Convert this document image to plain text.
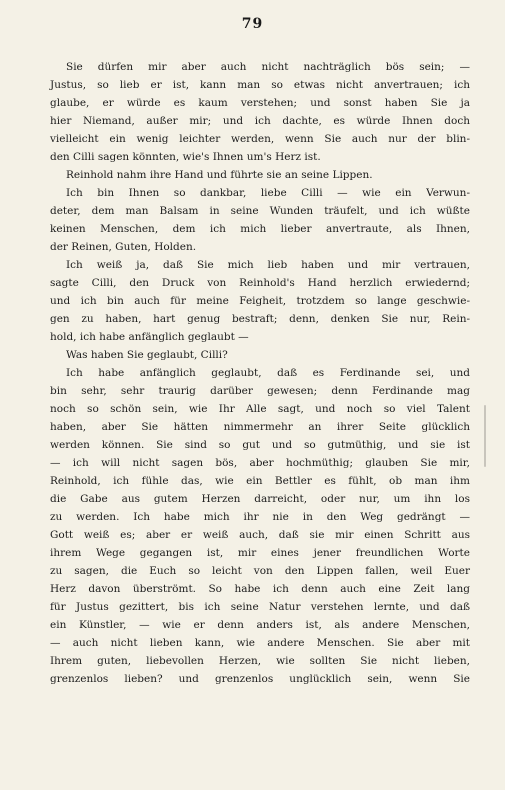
79
Sie dürfen mir aber auch nicht nachträglich bös sein; —
Justus, so lieb er ist, kann man so etwas nicht anvertrauen; ich
glaube, er würde es kaum verstehen; und sonst haben Sie ja
hier Niemand, außer mir; und ich dachte, es würde Ihnen doch
vielleicht ein wenig leichter werden, wenn Sie auch nur der blin-
den Cilli sagen könnten, wie's Ihnen um's Herz ist.
Reinhold nahm ihre Hand und führte sie an seine Lippen.
Ich bin Ihnen so dankbar, liebe Cilli — wie ein Verwun-
deter, dem man Balsam in seine Wunden träufelt, und ich wüßte
keinen Menschen, dem ich mich lieber anvertraute, als Ihnen,
der Reinen, Guten, Holden.
Ich weiß ja, daß Sie mich lieb haben und mir vertrauen,
sagte Cilli, den Druck von Reinhold's Hand herzlich erwiedernd;
und ich bin auch für meine Feigheit, trotzdem so lange geschwie-
gen zu haben, hart genug bestraft; denn, denken Sie nur, Rein-
hold, ich habe anfänglich geglaubt —
Was haben Sie geglaubt, Cilli?
Ich habe anfänglich geglaubt, daß es Ferdinande sei, und
bin sehr, sehr traurig darüber gewesen; denn Ferdinande mag
noch so schön sein, wie Ihr Alle sagt, und noch so viel Talent
haben, aber Sie hätten nimmermehr an ihrer Seite glücklich
werden können. Sie sind so gut und so gutmüthig, und sie ist
— ich will nicht sagen bös, aber hochmüthig; glauben Sie mir,
Reinhold, ich fühle das, wie ein Bettler es fühlt, ob man ihm
die Gabe aus gutem Herzen darreicht, oder nur, um ihn los
zu werden. Ich habe mich ihr nie in den Weg gedrängt —
Gott weiß es; aber er weiß auch, daß sie mir einen Schritt aus
ihrem Wege gegangen ist, mir eines jener freundlichen Worte
zu sagen, die Euch so leicht von den Lippen fallen, weil Euer
Herz davon überströmt. So habe ich denn auch eine Zeit lang
für Justus gezittert, bis ich seine Natur verstehen lernte, und daß
ein Künstler, — wie er denn anders ist, als andere Menschen,
— auch nicht lieben kann, wie andere Menschen. Sie aber mit
Ihrem guten, liebevollen Herzen, wie sollten Sie nicht lieben,
grenzenlos lieben? und grenzenlos unglücklich sein, wenn Sie
